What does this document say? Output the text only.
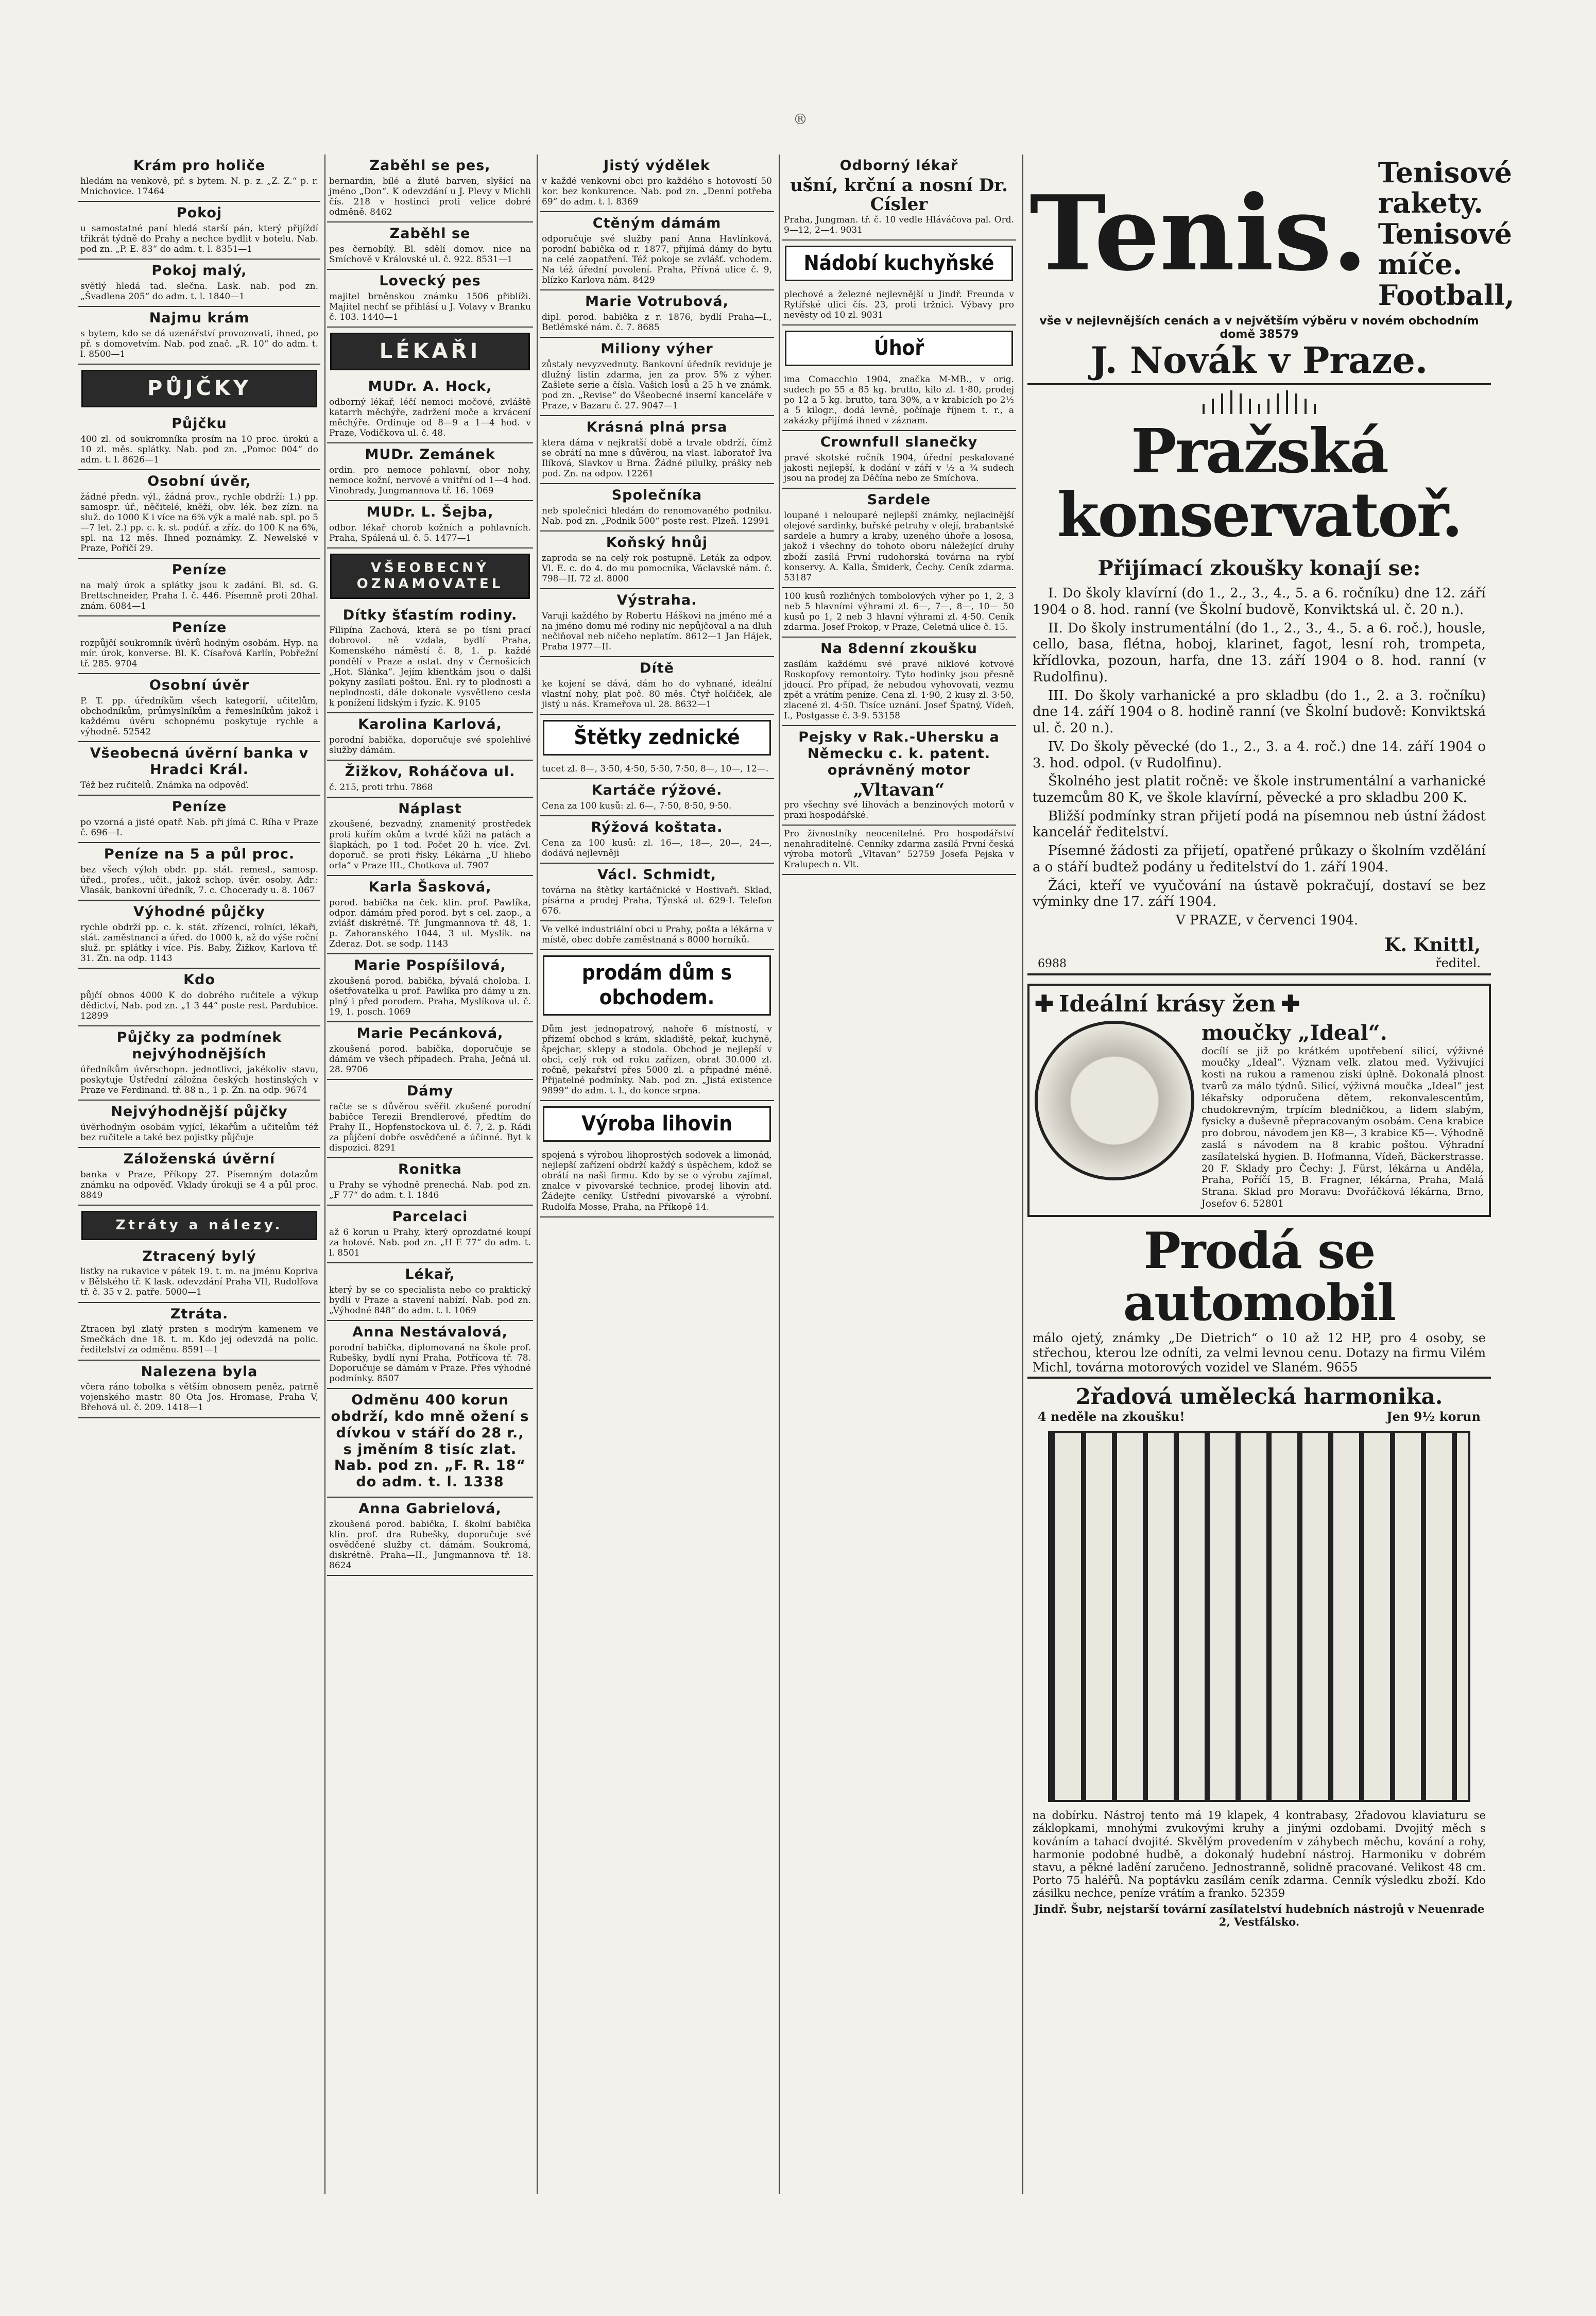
®
Krám pro holiče
hledám na venkově, př. s bytem. N. p. z. „Z. Z.“ p. r. Mnichovice. 17464
Pokoj
u samostatné paní hledá starší pán, který přijíždí třikrát týdně do Prahy a nechce bydlit v hotelu. Nab. pod zn. „P. E. 83“ do adm. t. l. 8351—1
Pokoj malý,
světlý hledá tad. slečna. Lask. nab. pod zn. „Švadlena 205“ do adm. t. l. 1840—1
Najmu krám
s bytem, kdo se dá uzenářství provozovati, ihned, po př. s domovetvím. Nab. pod znač. „R. 10“ do adm. t. l. 8500—1
PŮJČKY
Půjčku
400 zl. od soukromníka prosím na 10 proc. úrokú a 10 zl. měs. splátky. Nab. pod zn. „Pomoc 004“ do adm. t. l. 8626—1
Osobní úvěr,
žádné předn. výl., žádná prov., rychle obdrží: 1.) pp. samospr. úř., něčitelé, kněží, obv. lék. bez zízn. na služ. do 1000 K i více na 6% výk a malé nab. spl. po 5—7 let. 2.) pp. c. k. st. podúř. a zříz. do 100 K na 6%, spl. na 12 měs. Ihned poznámky. Z. Newelské v Praze, Poříčí 29.
Peníze
na malý úrok a splátky jsou k zadání. Bl. sd. G. Brettschneider, Praha I. č. 446. Písemně proti 20hal. znám. 6084—1
Peníze
rozpůjčí soukromník úvěrů hodným osobám. Hyp. na mír. úrok, konverse. Bl. K. Císařová Karlín, Pobřežní tř. 285. 9704
Osobní úvěr
P. T. pp. úředníkům všech kategorií, učitelům, obchodníkům, průmyslníkům a řemeslníkům jakož i každému úvěru schopnému poskytuje rychle a výhodně. 52542
Všeobecná úvěrní banka v Hradci Král.
Též bez ručitelů. Známka na odpověď.
Peníze
po vzorná a jisté opatř. Nab. při jímá C. Ríha v Praze č. 696—I.
Peníze na 5 a půl proc.
bez všech výloh obdr. pp. stát. remesl., samosp. úřed., profes., učit., jakož schop. úvěr. osoby. Adr.: Vlasák, bankovní úředník, 7. c. Chocerady u. 8. 1067
Výhodné půjčky
rychle obdrží pp. c. k. stát. zřízenci, rolníci, lékaři, stát. zaměstnanci a úřed. do 1000 k, až do výše roční služ. pr. splátky i více. Pís. Baby, Žižkov, Karlova tř. 31. Zn. na odp. 1143
Kdo
půjčí obnos 4000 K do dobrého ručitele a výkup dědictví, Nab. pod zn. „1 3 44“ poste rest. Pardubice. 12899
Půjčky za podmínek nejvýhodnějších
úředníkům úvěrschopn. jednotlivci, jakékoliv stavu, poskytuje Ústřední záložna českých hostinských v Praze ve Ferdinand. tř. 88 n., 1 p. Zn. na odp. 9674
Nejvýhodnější půjčky
úvěrhodným osobám vyjící, lékařům a učitelům též bez ručitele a také bez pojistky půjčuje
Záloženská úvěrní
banka v Praze, Příkopy 27. Písemným dotazům známku na odpověď. Vklady úrokuji se 4 a půl proc. 8849
Ztráty a nálezy.
Ztracený bylý
listky na rukavice v pátek 19. t. m. na jménu Kopriva v Bělského tř. K lask. odevzdání Praha VII, Rudolfova tř. č. 35 v 2. patře. 5000—1
Ztráta.
Ztracen byl zlatý prsten s modrým kamenem ve Smečkách dne 18. t. m. Kdo jej odevzdá na polic. ředitelství za odměnu. 8591—1
Nalezena byla
včera ráno tobolka s větším obnosem peněz, patrně vojenského mastr. 80 Ota Jos. Hromase, Praha V, Břehová ul. č. 209. 1418—1
Zaběhl se pes,
bernardin, bílé a žlutě barven, slyšící na jméno „Don“. K odevzdání u J. Plevy v Michli čís. 218 v hostinci proti velice dobré odměně. 8462
Zaběhl se
pes černobílý. Bl. sdělí domov. nice na Smíchově v Královské ul. č. 922. 8531—1
Lovecký pes
majitel brněnskou známku 1506 přiblíži. Majitel nechť se přihlásí u J. Volavy v Branku č. 103. 1440—1
LÉKAŘI
MUDr. A. Hock,
odborný lékař, léčí nemoci močové, zvláště katarrh měchýře, zadržení moče a krvácení měchýře. Ordinuje od 8—9 a 1—4 hod. v Praze, Vodičkova ul. č. 48.
MUDr. Zemánek
ordin. pro nemoce pohlavní, obor nohy, nemoce kožní, nervové a vnitřní od 1—4 hod. Vinohrady, Jungmannova tř. 16. 1069
MUDr. L. Šejba,
odbor. lékař chorob kožních a pohlavních. Praha, Spálená ul. č. 5. 1477—1
VŠEOBECNÝ OZNAMOVATEL
Dítky šťastím rodiny.
Filipína Zachová, která se po tísni prací dobrovol. ně vzdala, bydlí Praha, Komenského náměstí č. 8, 1. p. každé pondělí v Praze a ostat. dny v Černošicích „Hot. Slánka“. Jejím klientkám jsou o dalši pokyny zasílati poštou. Enl. ry to plodnosti a neplodnosti, dále dokonale vysvětleno cesta k ponížení lidským i fyzic. K. 9105
Karolina Karlová,
porodní babička, doporučuje své spolehlivé služby dámám.
Žižkov, Roháčova ul.
č. 215, proti trhu. 7868
Náplast
zkoušené, bezvadný, znamenitý prostředek proti kuřím okům a tvrdé kůži na patách a šlapkách, po 1 tod. Počet 20 h. více. Zvl. doporuč. se proti řísky. Lékárna „U hliebo orla“ v Praze III., Chotkova ul. 7907
Karla Šasková,
porod. babička na ček. klin. prof. Pawlíka, odpor. dámám před porod. byt s cel. zaop., a zvlášť diskrétně. Tř. Jungmannova tř. 48, 1. p. Zahoranského 1044, 3 ul. Myslík. na Zderaz. Dot. se sodp. 1143
Marie Pospíšilová,
zkoušená porod. babička, bývalá choloba. I. ošetřovatelka u prof. Pawlíka pro dámy u zn. plný i před porodem. Praha, Myslíkova ul. č. 19, 1. posch. 1069
Marie Pecánková,
zkoušená porod. babička, doporučuje se dámám ve všech případech. Praha, Ječná ul. 28. 9706
Dámy
račte se s důvěrou svěřit zkušené porodní babičce Terezii Brendlerové, předtím do Prahy II., Hopfenstockova ul. č. 7, 2. p. Rádi za půjčení dobře osvědčené a účinné. Byt k dispozici. 8291
Ronitka
u Prahy se výhodně prenechá. Nab. pod zn. „F 77“ do adm. t. l. 1846
Parcelaci
až 6 korun u Prahy, který oprozdatné koupí za hotové. Nab. pod zn. „H E 77“ do adm. t. l. 8501
Lékař,
který by se co specialista nebo co praktický bydlí v Praze a stavení nabízí. Nab. pod zn. „Výhodné 848“ do adm. t. l. 1069
Anna Nestávalová,
porodní babička, diplomovaná na škole prof. Rubešky, bydlí nyní Praha, Potřícova tř. 78. Doporučuje se dámám v Praze. Přes výhodné podmínky. 8507
Odměnu 400 korun obdrží, kdo mně ožení s dívkou v stáří do 28 r., s jměním 8 tisíc zlat. Nab. pod zn. „F. R. 18“ do adm. t. l. 1338
Anna Gabrielová,
zkoušená porod. babička, I. školní babička klin. prof. dra Rubešky, doporučuje své osvědčené služby ct. dámám. Soukromá, diskrétně. Praha—II., Jungmannova tř. 18. 8624
Jistý výdělek
v každé venkovní obci pro každého s hotovostí 50 kor. bez konkurence. Nab. pod zn. „Denní potřeba 69“ do adm. t. l. 8369
Ctěným dámám
odporučuje své služby paní Anna Havlínková, porodní babička od r. 1877, přijímá dámy do bytu na celé zaopatření. Též pokoje se zvlášť. vchodem. Na též úřední povolení. Praha, Přívná ulice č. 9, blízko Karlova nám. 8429
Marie Votrubová,
dipl. porod. babička z r. 1876, bydlí Praha—I., Betlémské nám. č. 7. 8685
Miliony výher
zůstaly nevyzvednuty. Bankovní úředník reviduje je dlužný listin zdarma, jen za prov. 5% z výher. Zašlete serie a čísla. Vašich losů a 25 h ve známk. pod zn. „Revise“ do Všeobecné inserní kanceláře v Praze, v Bazaru č. 27. 9047—1
Krásná plná prsa
ktera dáma v nejkratší době a trvale obdrží, čímž se obrátí na mne s důvěrou, na vlast. laboratoř Iva Ilíková, Slavkov u Brna. Žádné pilulky, prášky neb pod. Zn. na odpov. 12261
Společníka
neb společnici hledám do renomovaného podniku. Nab. pod zn. „Podnik 500“ poste rest. Plzeň. 12991
Koňský hnůj
zaproda se na celý rok postupně. Leták za odpov. Vl. E. c. do 4. do mu pomocníka, Václavské nám. č. 798—II. 72 zl. 8000
Výstraha.
Varuji každého by Robertu Háškovi na jméno mé a na jméno domu mé rodiny nic nepůjčoval a na dluh nečiňoval neb ničeho neplatím. 8612—1 Jan Hájek, Praha 1977—II.
Dítě
ke kojení se dává, dám ho do vyhnané, ideální vlastní nohy, plat poč. 80 měs. Čtyř holčiček, ale jistý u nás. Krameřova ul. 28. 8632—1
Štětky zednické
tucet zl. 8—, 3·50, 4·50, 5·50, 7·50, 8—, 10—, 12—.
Kartáče rýžové.
Cena za 100 kusů: zl. 6—, 7·50, 8·50, 9·50.
Rýžová koštata.
Cena za 100 kusů: zl. 16—, 18—, 20—, 24—, dodává nejlevněji
Václ. Schmidt,
továrna na štětky kartáčnické v Hostivaři. Sklad, písárna a prodej Praha, Týnská ul. 629-I. Telefon 676.
Ve velké industriální obci u Prahy, pošta a lékárna v místě, obec dobře zaměstnaná s 8000 horníků.
prodám dům s obchodem.
Dům jest jednopatrový, nahoře 6 místností, v přízemí obchod s krám, skladiště, pekař, kuchyně, špejchar, sklepy a stodola. Obchod je nejlepší v obci, celý rok od roku zařízen, obrat 30.000 zl. ročně, pekařství přes 5000 zl. a připadné méně. Přijatelné podmínky. Nab. pod zn. „Jistá existence 9899“ do adm. t. l., do konce srpna.
Výroba lihovin
spojená s výrobou lihoprostých sodovek a limonád, nejlepší zařízení obdrží každý s úspěchem, kdož se obrátí na naši firmu. Kdo by se o výrobu zajímal, znalce v pivovarské technice, prodej lihovin atd. Žádejte ceníky. Ústřední pivovarské a výrobní. Rudolfa Mosse, Praha, na Příkopě 14.
Odborný lékař
ušní, krční a nosní Dr. Císler
Praha, Jungman. tř. č. 10 vedle Hláváčova pal. Ord. 9—12, 2—4. 9031
Nádobí kuchyňské
plechové a železné nejlevnější u Jindř. Freunda v Rytířské ulici čís. 23, proti tržnici. Výbavy pro nevěsty od 10 zl. 9031
Úhoř
ima Comacchio 1904, značka M-MB., v orig. sudech po 55 a 85 kg. brutto, kilo zl. 1·80, prodej po 12 a 5 kg. brutto, tara 30%, a v krabicích po 2½ a 5 kilogr., dodá levně, počínaje říjnem t. r., a zakázky přijímá ihned v záznam.
Crownfull slanečky
pravé skotské ročník 1904, úřední peskalované jakosti nejlepší, k dodání v září v ½ a ¾ sudech jsou na prodej za Děčína nebo ze Smíchova.
Sardele
loupané i nelouparé nejlepší známky, nejlacinější olejové sardinky, buřské petruhy v olejí, brabantské sardele a humry a kraby, uzeného úhoře a lososa, jakož i všechny do tohoto oboru náležející druhy zboží zasílá První rudohorská továrna na rybí konservy. A. Kalla, Šmiderk, Čechy. Ceník zdarma. 53187
100 kusů rozličných tombolových výher po 1, 2, 3 neb 5 hlavními výhrami zl. 6—, 7—, 8—, 10— 50 kusů po 1, 2 neb 3 hlavní výhrami zl. 4·50. Ceník zdarma. Josef Prokop, v Praze, Celetná ulice č. 15.
Na 8denní zkoušku
zasílám každému své pravé niklové kotvové Roskopfovy remontoiry. Tyto hodinky jsou přesně jdoucí. Pro případ, že nebudou vyhovovati, vezmu zpět a vrátím peníze. Cena zl. 1·90, 2 kusy zl. 3·50, zlacené zl. 4·50. Tisíce uznání. Josef Špatný, Vídeň, I., Postgasse č. 3-9. 53158
Pejsky v Rak.-Uhersku a Německu c. k. patent. oprávněný motor
„Vltavan“
pro všechny své lihovách a benzinových motorů v praxi hospodářské.
Pro živnostníky neocenitelné. Pro hospodářství nenahraditelné. Cenníky zdarma zasílá První česká výroba motorů „Vltavan“ 52759 Josefa Pejska v Kralupech n. Vlt.
Tenis.
Tenisové rakety.
Tenisové míče.
Football,
vše v nejlevnějších cenách a v největším výběru v novém obchodním domě 38579
J. Novák v Praze.
Pražská konservatoř.
Přijímací zkoušky konají se:
I. Do školy klavírní (do 1., 2., 3., 4., 5. a 6. ročníku) dne 12. září 1904 o 8. hod. ranní (ve Školní budově, Konviktská ul. č. 20 n.).
II. Do školy instrumentální (do 1., 2., 3., 4., 5. a 6. roč.), housle, cello, basa, flétna, hoboj, klarinet, fagot, lesní roh, trompeta, křídlovka, pozoun, harfa, dne 13. září 1904 o 8. hod. ranní (v Rudolfinu).
III. Do školy varhanické a pro skladbu (do 1., 2. a 3. ročníku) dne 14. září 1904 o 8. hodině ranní (ve Školní budově: Konviktská ul. č. 20 n.).
IV. Do školy pěvecké (do 1., 2., 3. a 4. roč.) dne 14. září 1904 o 3. hod. odpol. (v Rudolfinu).
Školného jest platit ročně: ve škole instrumentální a varhanické tuzemcům 80 K, ve škole klavírní, pěvecké a pro skladbu 200 K.
Bližší podmínky stran přijetí podá na písemnou neb ústní žádost kancelář ředitelství.
Písemné žádosti za přijetí, opatřené průkazy o školním vzdělání a o stáří budtež podány u ředitelství do 1. září 1904.
Žáci, kteří ve vyučování na ústavě pokračují, dostaví se bez výminky dne 17. září 1904.
V PRAZE, v červenci 1904.
6988
K. Knittl,
ředitel.
✚ Ideální krásy žen ✚
moučky „Ideal“.
docílí se již po krátkém upotřebení silicí, výživné moučky „Ideal“. Význam velk. zlatou med. Vyživující kosti na rukou a ramenou získí úplně. Dokonalá plnost tvarů za málo týdnů. Silicí, výživná moučka „Ideal“ jest lékařsky odporučena dětem, rekonvalescentům, chudokrevným, trpícím bledničkou, a lidem slabým, fysicky a duševně přepracovaným osobám. Cena krabice pro dobrou, návodem jen K8—, 3 krabice K5—. Výhodně zaslá s návodem na 8 krabic poštou. Výhradní zasílatelská hygien. B. Hofmanna, Vídeň, Bäckerstrasse. 20 F. Sklady pro Čechy: J. Fürst, lékárna u Anděla, Praha, Poříčí 15, B. Fragner, lékárna, Praha, Malá Strana. Sklad pro Moravu: Dvořáčková lékárna, Brno, Josefov 6. 52801
Prodá se automobil
málo ojetý, známky „De Dietrich“ o 10 až 12 HP, pro 4 osoby, se střechou, kterou lze odníti, za velmi levnou cenu. Dotazy na firmu Vilém Michl, továrna motorových vozidel ve Slaném. 9655
2řadová umělecká harmonika.
4 neděle na zkoušku!	Jen 9½ korun
na dobírku. Nástroj tento má 19 klapek, 4 kontrabasy, 2řadovou klaviaturu se záklopkami, mnohými zvukovými kruhy a jinými ozdobami. Dvojitý měch s kováním a tahací dvojité. Skvělým provedením v záhybech měchu, kování a rohy, harmonie podobné hudbě, a dokonalý hudební nástroj. Harmoniku v dobrém stavu, a pěkné ladění zaručeno. Jednostranně, solidně pracované. Velikost 48 cm. Porto 75 haléřů. Na poptávku zasílám ceník zdarma. Cenník výsledku zboží. Kdo zásilku nechce, peníze vrátím a franko. 52359
Jindř. Šubr, nejstarší tovární zasílatelství hudebních nástrojů v Neuenrade 2, Vestfálsko.
